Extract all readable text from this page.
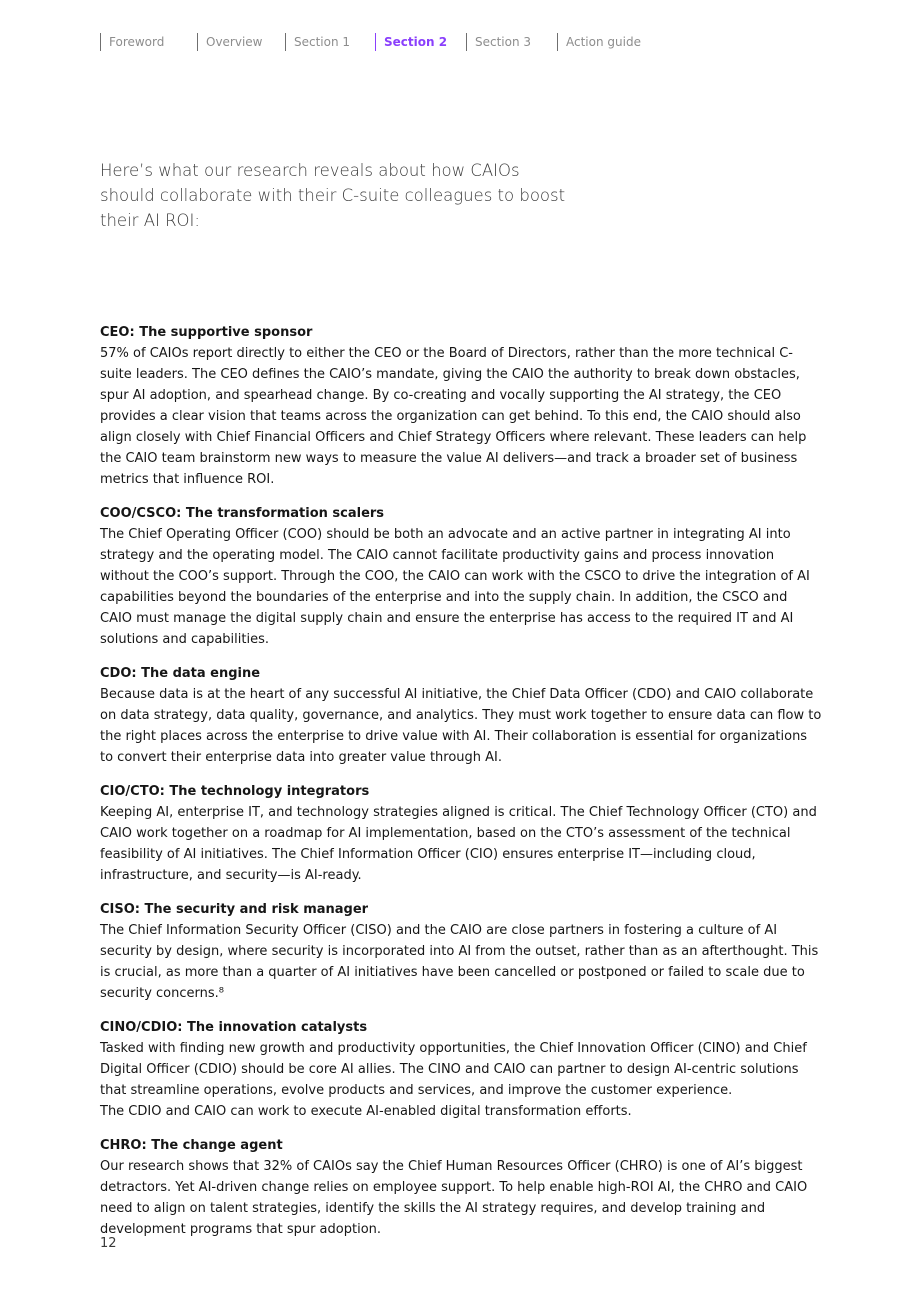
Foreword	Overview	Section 1	Section 2	Section 3	Action guide

Here’s what our research reveals about how CAIOs should collaborate with their C-suite colleagues to boost their AI ROI:

CEO: The supportive sponsor

57% of CAIOs report directly to either the CEO or the Board of Directors, rather than the more technical C-suite leaders. The CEO defines the CAIO’s mandate, giving the CAIO the authority to break down obstacles, spur AI adoption, and spearhead change. By co-creating and vocally supporting the AI strategy, the CEO provides a clear vision that teams across the organization can get behind. To this end, the CAIO should also align closely with Chief Financial Officers and Chief Strategy Officers where relevant. These leaders can help the CAIO team brainstorm new ways to measure the value AI delivers—and track a broader set of business metrics that influence ROI.

COO/CSCO: The transformation scalers

The Chief Operating Officer (COO) should be both an advocate and an active partner in integrating AI into strategy and the operating model. The CAIO cannot facilitate productivity gains and process innovation without the COO’s support. Through the COO, the CAIO can work with the CSCO to drive the integration of AI capabilities beyond the boundaries of the enterprise and into the supply chain. In addition, the CSCO and CAIO must manage the digital supply chain and ensure the enterprise has access to the required IT and AI solutions and capabilities.

CDO: The data engine

Because data is at the heart of any successful AI initiative, the Chief Data Officer (CDO) and CAIO collaborate on data strategy, data quality, governance, and analytics. They must work together to ensure data can flow to the right places across the enterprise to drive value with AI. Their collaboration is essential for organizations to convert their enterprise data into greater value through AI.

CIO/CTO: The technology integrators

Keeping AI, enterprise IT, and technology strategies aligned is critical. The Chief Technology Officer (CTO) and CAIO work together on a roadmap for AI implementation, based on the CTO’s assessment of the technical feasibility of AI initiatives. The Chief Information Officer (CIO) ensures enterprise IT—including cloud, infrastructure, and security—is AI-ready.

CISO: The security and risk manager

The Chief Information Security Officer (CISO) and the CAIO are close partners in fostering a culture of AI security by design, where security is incorporated into AI from the outset, rather than as an afterthought. This is crucial, as more than a quarter of AI initiatives have been cancelled or postponed or failed to scale due to security concerns.⁸

CINO/CDIO: The innovation catalysts

Tasked with finding new growth and productivity opportunities, the Chief Innovation Officer (CINO) and Chief Digital Officer (CDIO) should be core AI allies. The CINO and CAIO can partner to design AI-centric solutions that streamline operations, evolve products and services, and improve the customer experience.

The CDIO and CAIO can work to execute AI-enabled digital transformation efforts.

CHRO: The change agent

Our research shows that 32% of CAIOs say the Chief Human Resources Officer (CHRO) is one of AI’s biggest detractors. Yet AI-driven change relies on employee support. To help enable high-ROI AI, the CHRO and CAIO need to align on talent strategies, identify the skills the AI strategy requires, and develop training and development programs that spur adoption.

12
